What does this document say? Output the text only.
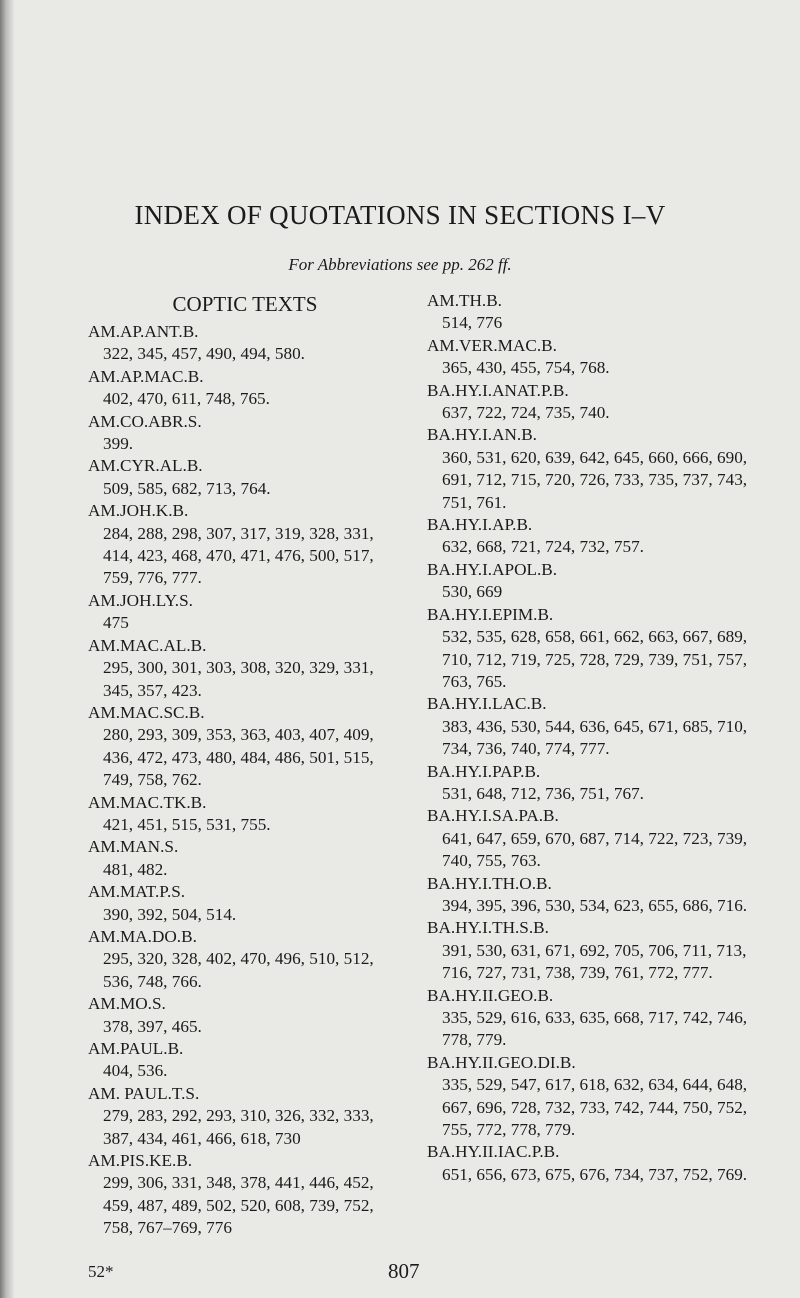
INDEX OF QUOTATIONS IN SECTIONS I–V
For Abbreviations see pp. 262 ff.
COPTIC TEXTS
AM.AP.ANT.B.
322, 345, 457, 490, 494, 580.
AM.AP.MAC.B.
402, 470, 611, 748, 765.
AM.CO.ABR.S.
399.
AM.CYR.AL.B.
509, 585, 682, 713, 764.
AM.JOH.K.B.
284, 288, 298, 307, 317, 319, 328, 331, 414, 423, 468, 470, 471, 476, 500, 517, 759, 776, 777.
AM.JOH.LY.S.
475
AM.MAC.AL.B.
295, 300, 301, 303, 308, 320, 329, 331, 345, 357, 423.
AM.MAC.SC.B.
280, 293, 309, 353, 363, 403, 407, 409, 436, 472, 473, 480, 484, 486, 501, 515, 749, 758, 762.
AM.MAC.TK.B.
421, 451, 515, 531, 755.
AM.MAN.S.
481, 482.
AM.MAT.P.S.
390, 392, 504, 514.
AM.MA.DO.B.
295, 320, 328, 402, 470, 496, 510, 512, 536, 748, 766.
AM.MO.S.
378, 397, 465.
AM.PAUL.B.
404, 536.
AM. PAUL.T.S.
279, 283, 292, 293, 310, 326, 332, 333, 387, 434, 461, 466, 618, 730
AM.PIS.KE.B.
299, 306, 331, 348, 378, 441, 446, 452, 459, 487, 489, 502, 520, 608, 739, 752, 758, 767–769, 776
AM.TH.B.
514, 776
AM.VER.MAC.B.
365, 430, 455, 754, 768.
BA.HY.I.ANAT.P.B.
637, 722, 724, 735, 740.
BA.HY.I.AN.B.
360, 531, 620, 639, 642, 645, 660, 666, 690, 691, 712, 715, 720, 726, 733, 735, 737, 743, 751, 761.
BA.HY.I.AP.B.
632, 668, 721, 724, 732, 757.
BA.HY.I.APOL.B.
530, 669
BA.HY.I.EPIM.B.
532, 535, 628, 658, 661, 662, 663, 667, 689, 710, 712, 719, 725, 728, 729, 739, 751, 757, 763, 765.
BA.HY.I.LAC.B.
383, 436, 530, 544, 636, 645, 671, 685, 710, 734, 736, 740, 774, 777.
BA.HY.I.PAP.B.
531, 648, 712, 736, 751, 767.
BA.HY.I.SA.PA.B.
641, 647, 659, 670, 687, 714, 722, 723, 739, 740, 755, 763.
BA.HY.I.TH.O.B.
394, 395, 396, 530, 534, 623, 655, 686, 716.
BA.HY.I.TH.S.B.
391, 530, 631, 671, 692, 705, 706, 711, 713, 716, 727, 731, 738, 739, 761, 772, 777.
BA.HY.II.GEO.B.
335, 529, 616, 633, 635, 668, 717, 742, 746, 778, 779.
BA.HY.II.GEO.DI.B.
335, 529, 547, 617, 618, 632, 634, 644, 648, 667, 696, 728, 732, 733, 742, 744, 750, 752, 755, 772, 778, 779.
BA.HY.II.IAC.P.B.
651, 656, 673, 675, 676, 734, 737, 752, 769.
52*	807
